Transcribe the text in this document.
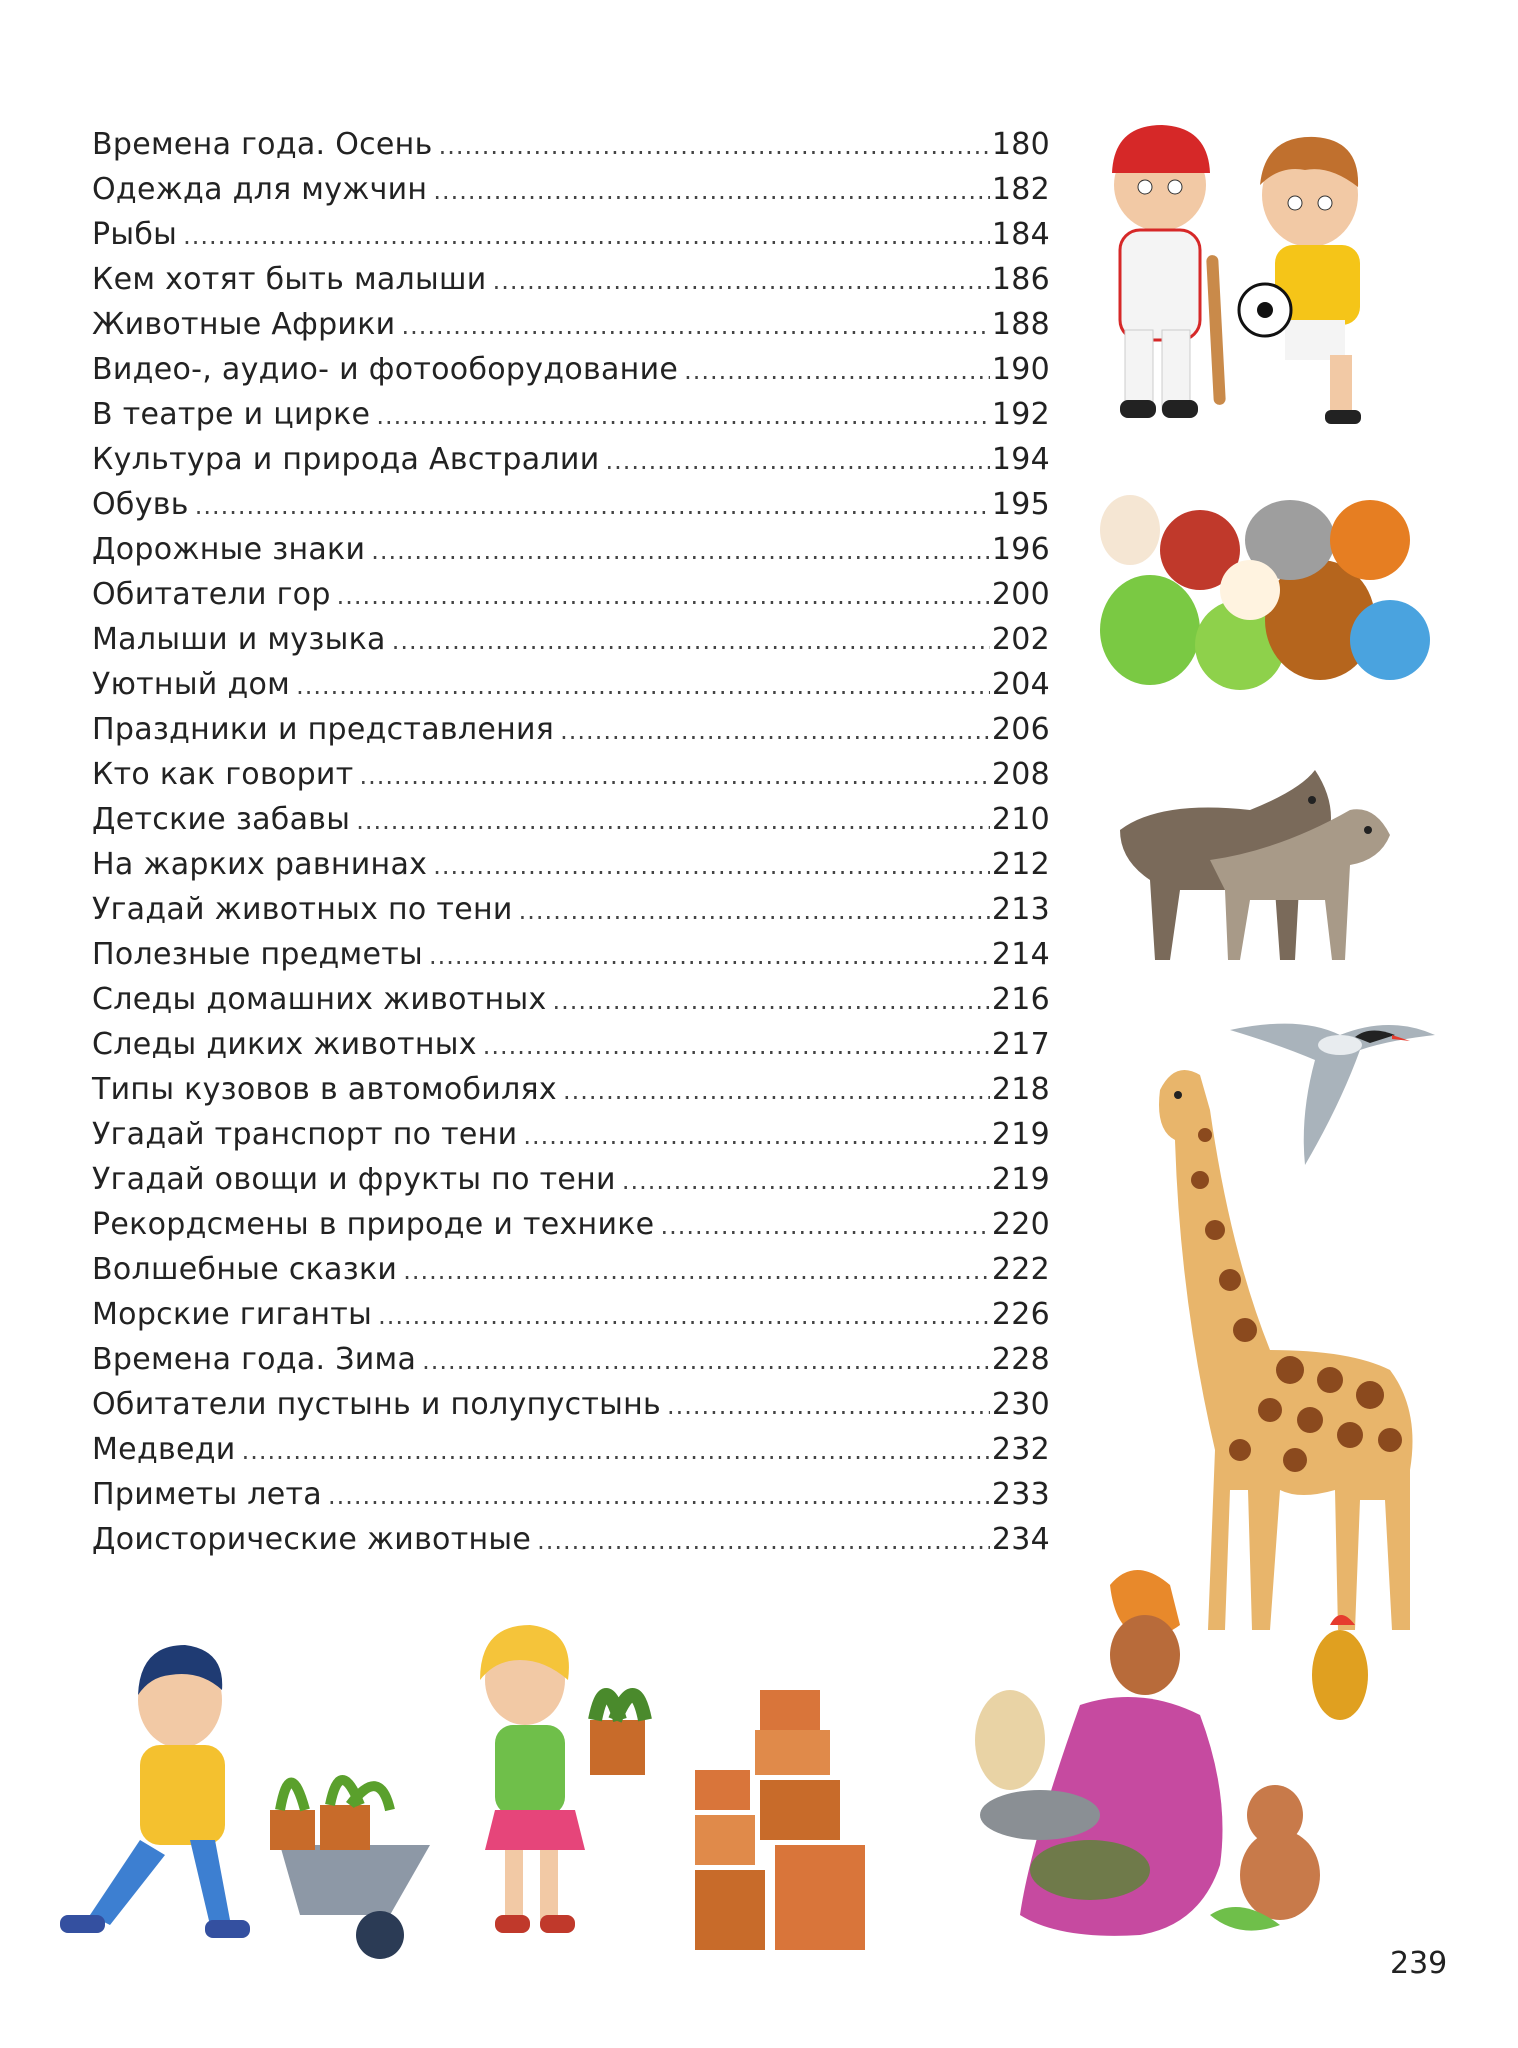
Времена года. Осень .....	180
Одежда для мужчин .....	182
Рыбы .....	184
Кем хотят быть малыши .....	186
Животные Африки .....	188
Видео-, аудио- и фотооборудование .....	190
В театре и цирке .....	192
Культура и природа Австралии .....	194
Обувь .....	195
Дорожные знаки .....	196
Обитатели гор .....	200
Малыши и музыка .....	202
Уютный дом .....	204
Праздники и представления .....	206
Кто как говорит .....	208
Детские забавы .....	210
На жарких равнинах .....	212
Угадай животных по тени .....	213
Полезные предметы .....	214
Следы домашних животных .....	216
Следы диких животных .....	217
Типы кузовов в автомобилях .....	218
Угадай транспорт по тени .....	219
Угадай овощи и фрукты по тени .....	219
Рекордсмены в природе и технике .....	220
Волшебные сказки .....	222
Морские гиганты .....	226
Времена года. Зима .....	228
Обитатели пустынь и полупустынь .....	230
Медведи .....	232
Приметы лета .....	233
Доисторические животные .....	234
239
